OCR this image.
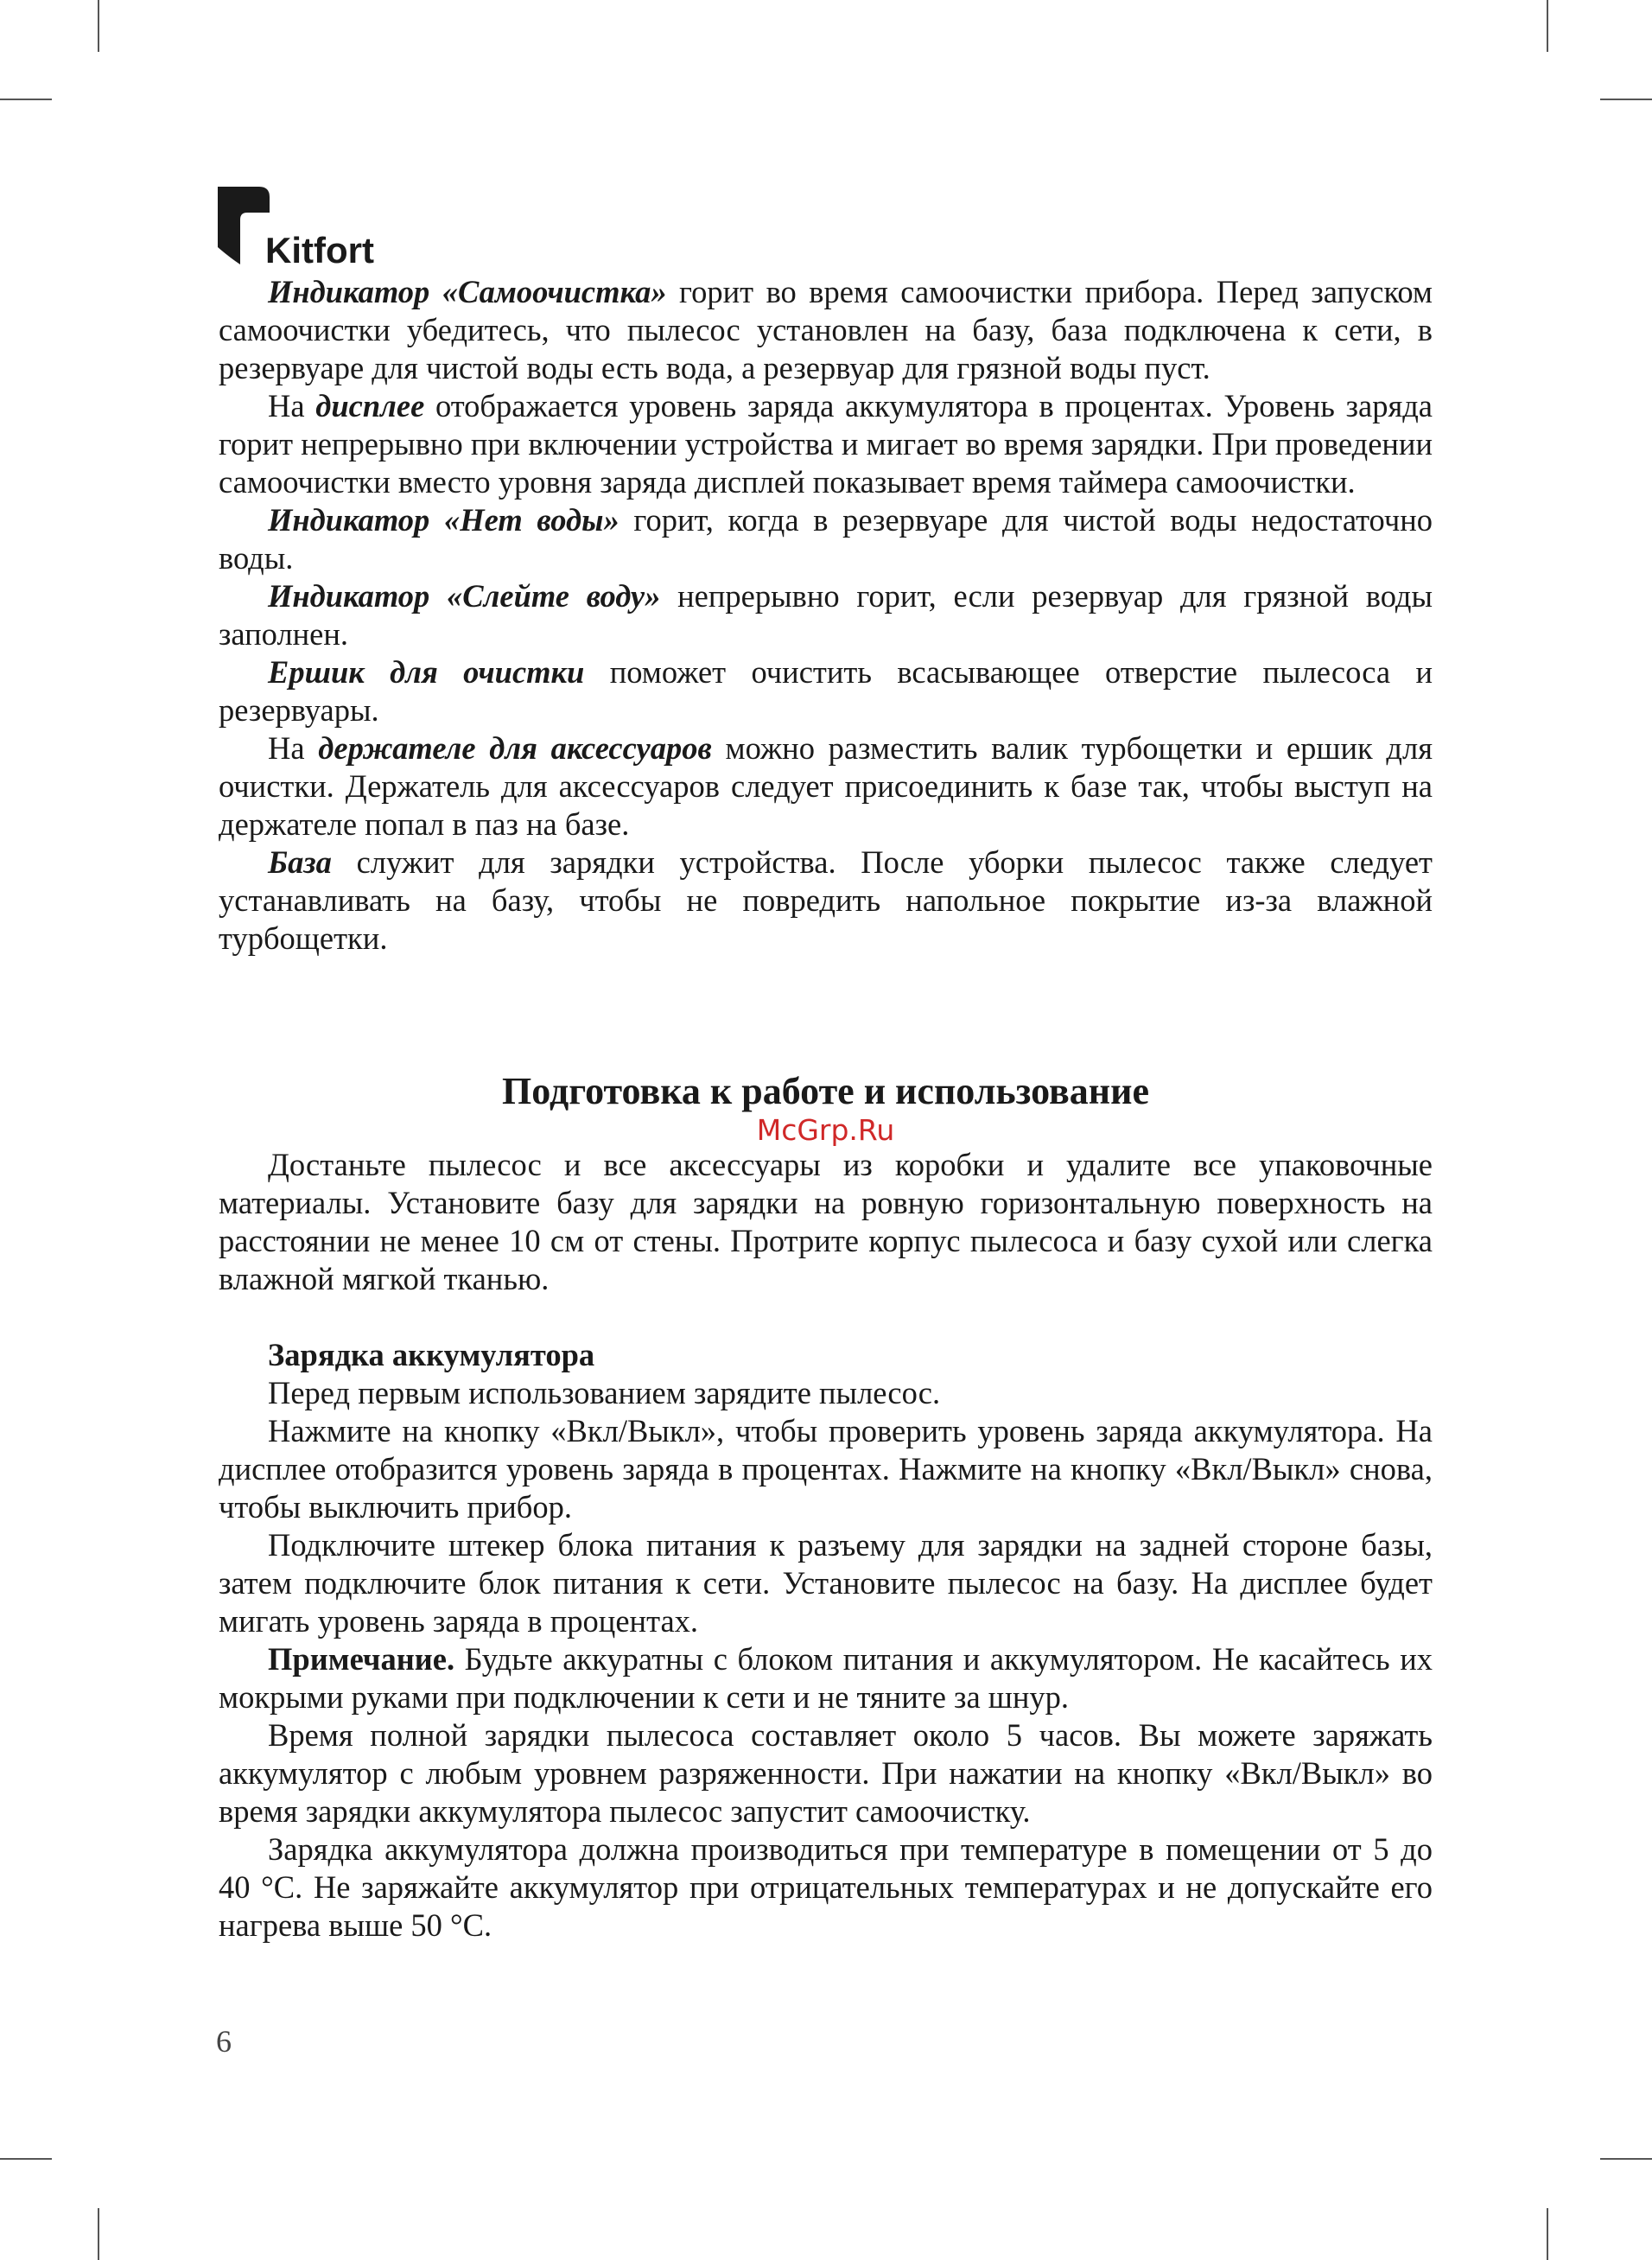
Kitfort

Индикатор «Самоочистка» горит во время самоочистки прибора. Перед запуском самоочистки убедитесь, что пылесос установлен на базу, база подключена к сети, в резервуаре для чистой воды есть вода, а резервуар для грязной воды пуст.

На дисплее отображается уровень заряда аккумулятора в процентах. Уровень заряда горит непрерывно при включении устройства и мигает во время зарядки. При проведении самоочистки вместо уровня заряда дисплей показывает время таймера самоочистки.

Индикатор «Нет воды» горит, когда в резервуаре для чистой воды недостаточно воды.

Индикатор «Слейте воду» непрерывно горит, если резервуар для грязной воды заполнен.

Ершик для очистки поможет очистить всасывающее отверстие пылесоса и резервуары.

На держателе для аксессуаров можно разместить валик турбощетки и ершик для очистки. Держатель для аксессуаров следует присоединить к базе так, чтобы выступ на держателе попал в паз на базе.

База служит для зарядки устройства. После уборки пылесос также следует устанавливать на базу, чтобы не повредить напольное покрытие из-за влажной турбощетки.

Подготовка к работе и использование
McGrp.Ru

Достаньте пылесос и все аксессуары из коробки и удалите все упаковочные материалы. Установите базу для зарядки на ровную горизонтальную поверхность на расстоянии не менее 10 см от стены. Протрите корпус пылесоса и базу сухой или слегка влажной мягкой тканью.

Зарядка аккумулятора

Перед первым использованием зарядите пылесос.

Нажмите на кнопку «Вкл/Выкл», чтобы проверить уровень заряда аккумулятора. На дисплее отобразится уровень заряда в процентах. Нажмите на кнопку «Вкл/Выкл» снова, чтобы выключить прибор.

Подключите штекер блока питания к разъему для зарядки на задней стороне базы, затем подключите блок питания к сети. Установите пылесос на базу. На дисплее будет мигать уровень заряда в процентах.

Примечание. Будьте аккуратны с блоком питания и аккумулятором. Не касайтесь их мокрыми руками при подключении к сети и не тяните за шнур.

Время полной зарядки пылесоса составляет около 5 часов. Вы можете заряжать аккумулятор с любым уровнем разряженности. При нажатии на кнопку «Вкл/Выкл» во время зарядки аккумулятора пылесос запустит самоочистку.

Зарядка аккумулятора должна производиться при температуре в помещении от 5 до 40 °C. Не заряжайте аккумулятор при отрицательных температурах и не допускайте его нагрева выше 50 °C.

6
